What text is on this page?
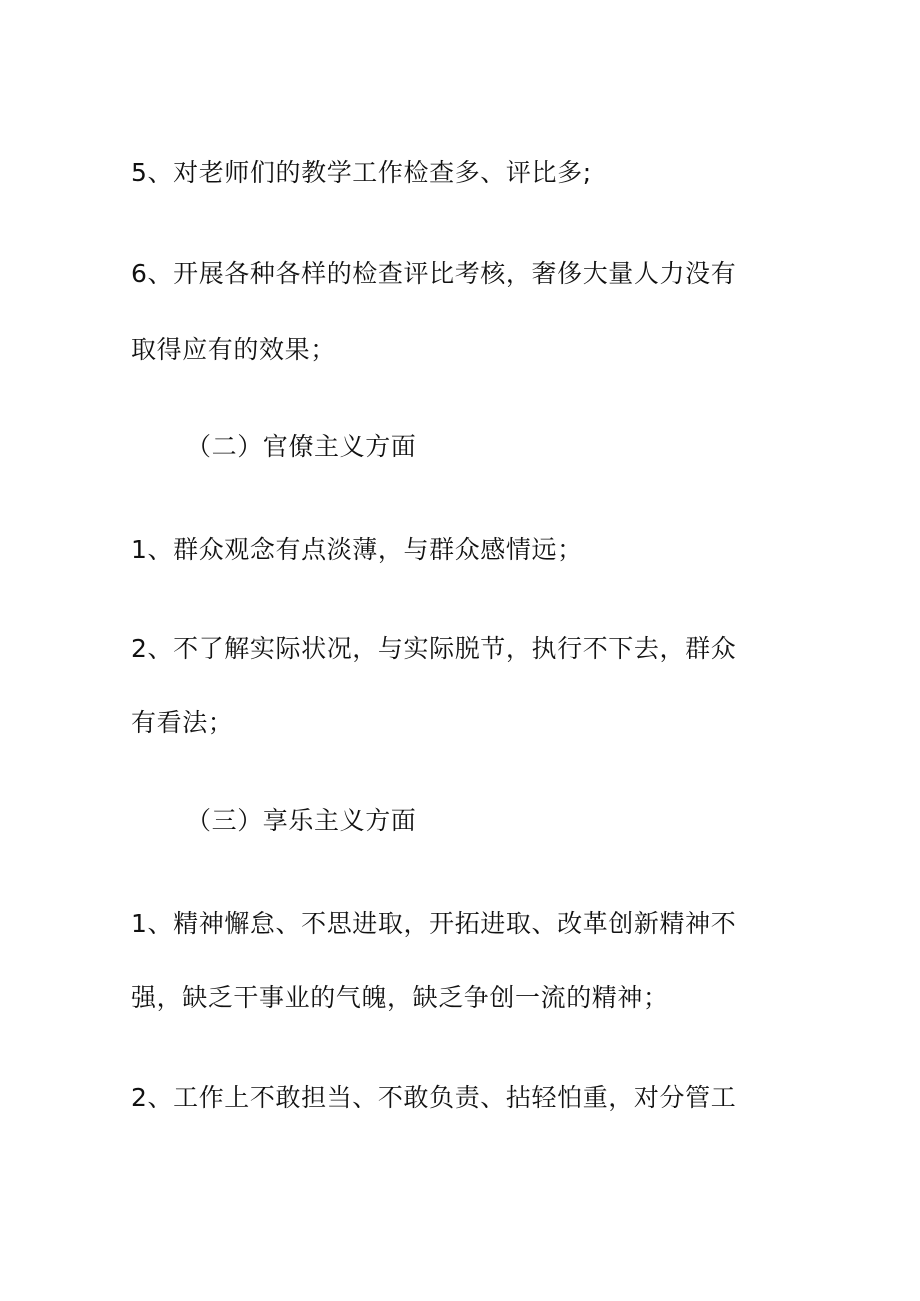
5、对老师们的教学工作检查多、评比多;
6、开展各种各样的检查评比考核，奢侈大量人力没有
取得应有的效果；
（二）官僚主义方面
1、群众观念有点淡薄，与群众感情远；
2、不了解实际状况，与实际脱节，执行不下去，群众
有看法；
（三）享乐主义方面
1、精神懈怠、不思进取，开拓进取、改革创新精神不
强，缺乏干事业的气魄，缺乏争创一流的精神；
2、工作上不敢担当、不敢负责、拈轻怕重，对分管工
